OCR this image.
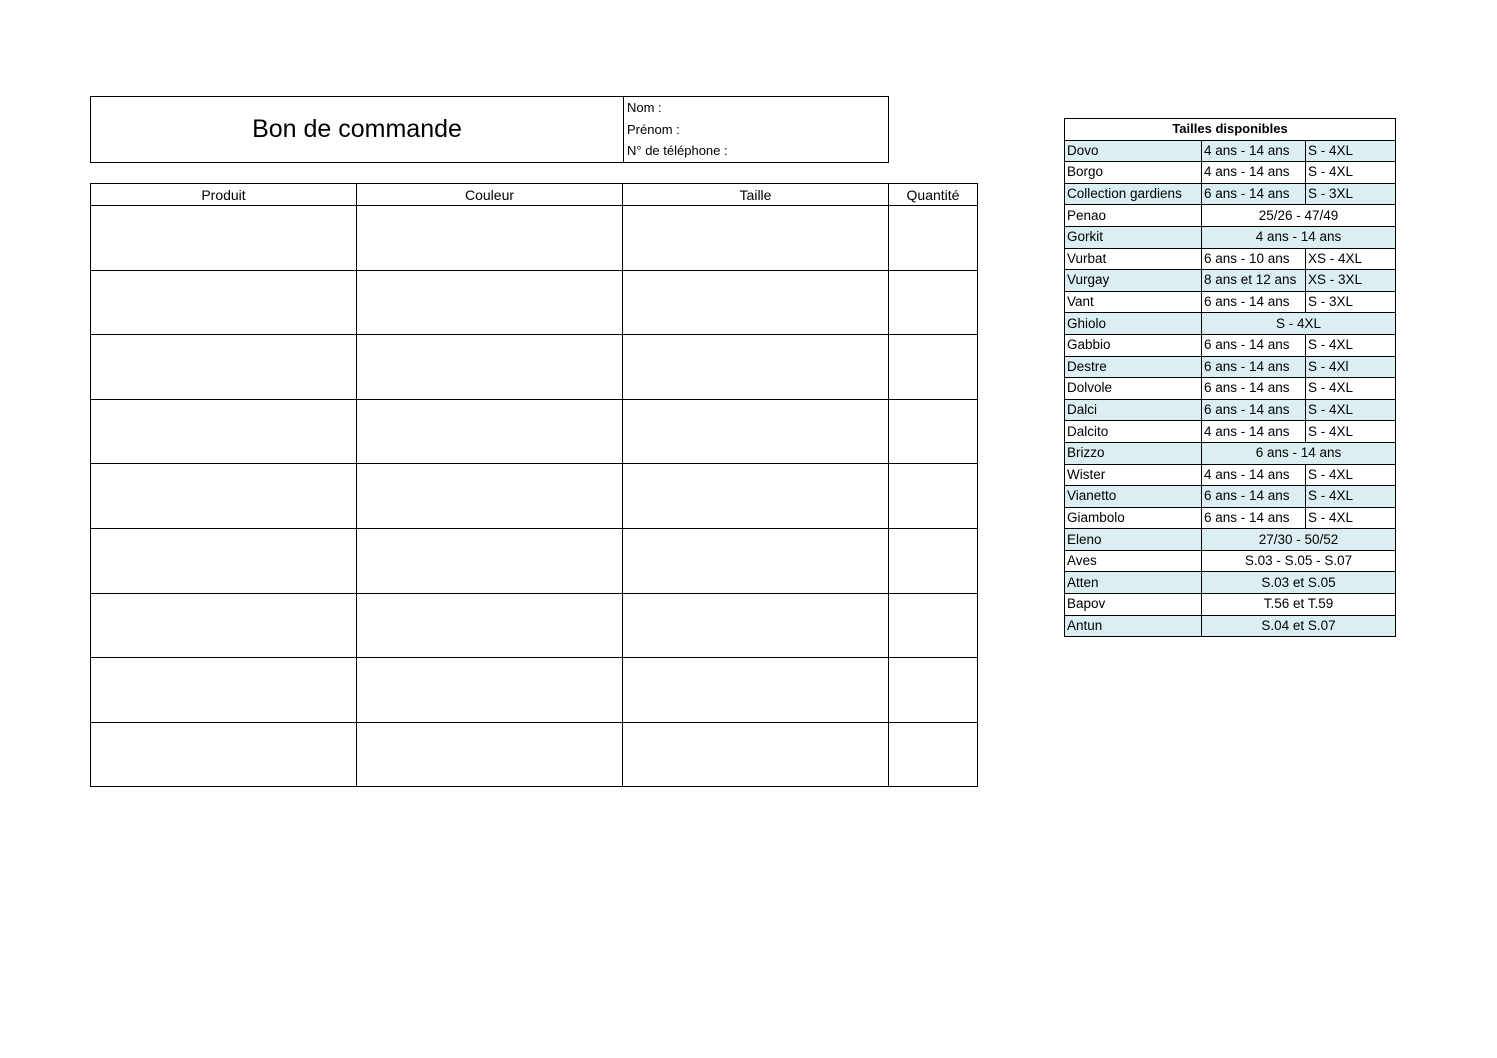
Bon de commande	
Nom :
Prénom :
N° de téléphone :
Produit	Couleur	Taille	Quantité

Tailles disponibles		
Dovo	4 ans - 14 ans	S - 4XL
Borgo	4 ans - 14 ans	S - 4XL
Collection gardiens	6 ans - 14 ans	S - 3XL
Penao	25/26 - 47/49	
Gorkit	4 ans - 14 ans	
Vurbat	6 ans - 10 ans	XS - 4XL
Vurgay	8 ans et 12 ans	XS - 3XL
Vant	6 ans - 14 ans	S - 3XL
Ghiolo	S - 4XL	
Gabbio	6 ans - 14 ans	S - 4XL
Destre	6 ans - 14 ans	S - 4Xl
Dolvole	6 ans - 14 ans	S - 4XL
Dalci	6 ans - 14 ans	S - 4XL
Dalcito	4 ans - 14 ans	S - 4XL
Brizzo	6 ans - 14 ans	
Wister	4 ans - 14 ans	S - 4XL
Vianetto	6 ans - 14 ans	S - 4XL
Giambolo	6 ans - 14 ans	S - 4XL
Eleno	27/30 - 50/52	
Aves	S.03 - S.05 - S.07	
Atten	S.03 et S.05	
Bapov	T.56 et T.59	
Antun	S.04 et S.07	
